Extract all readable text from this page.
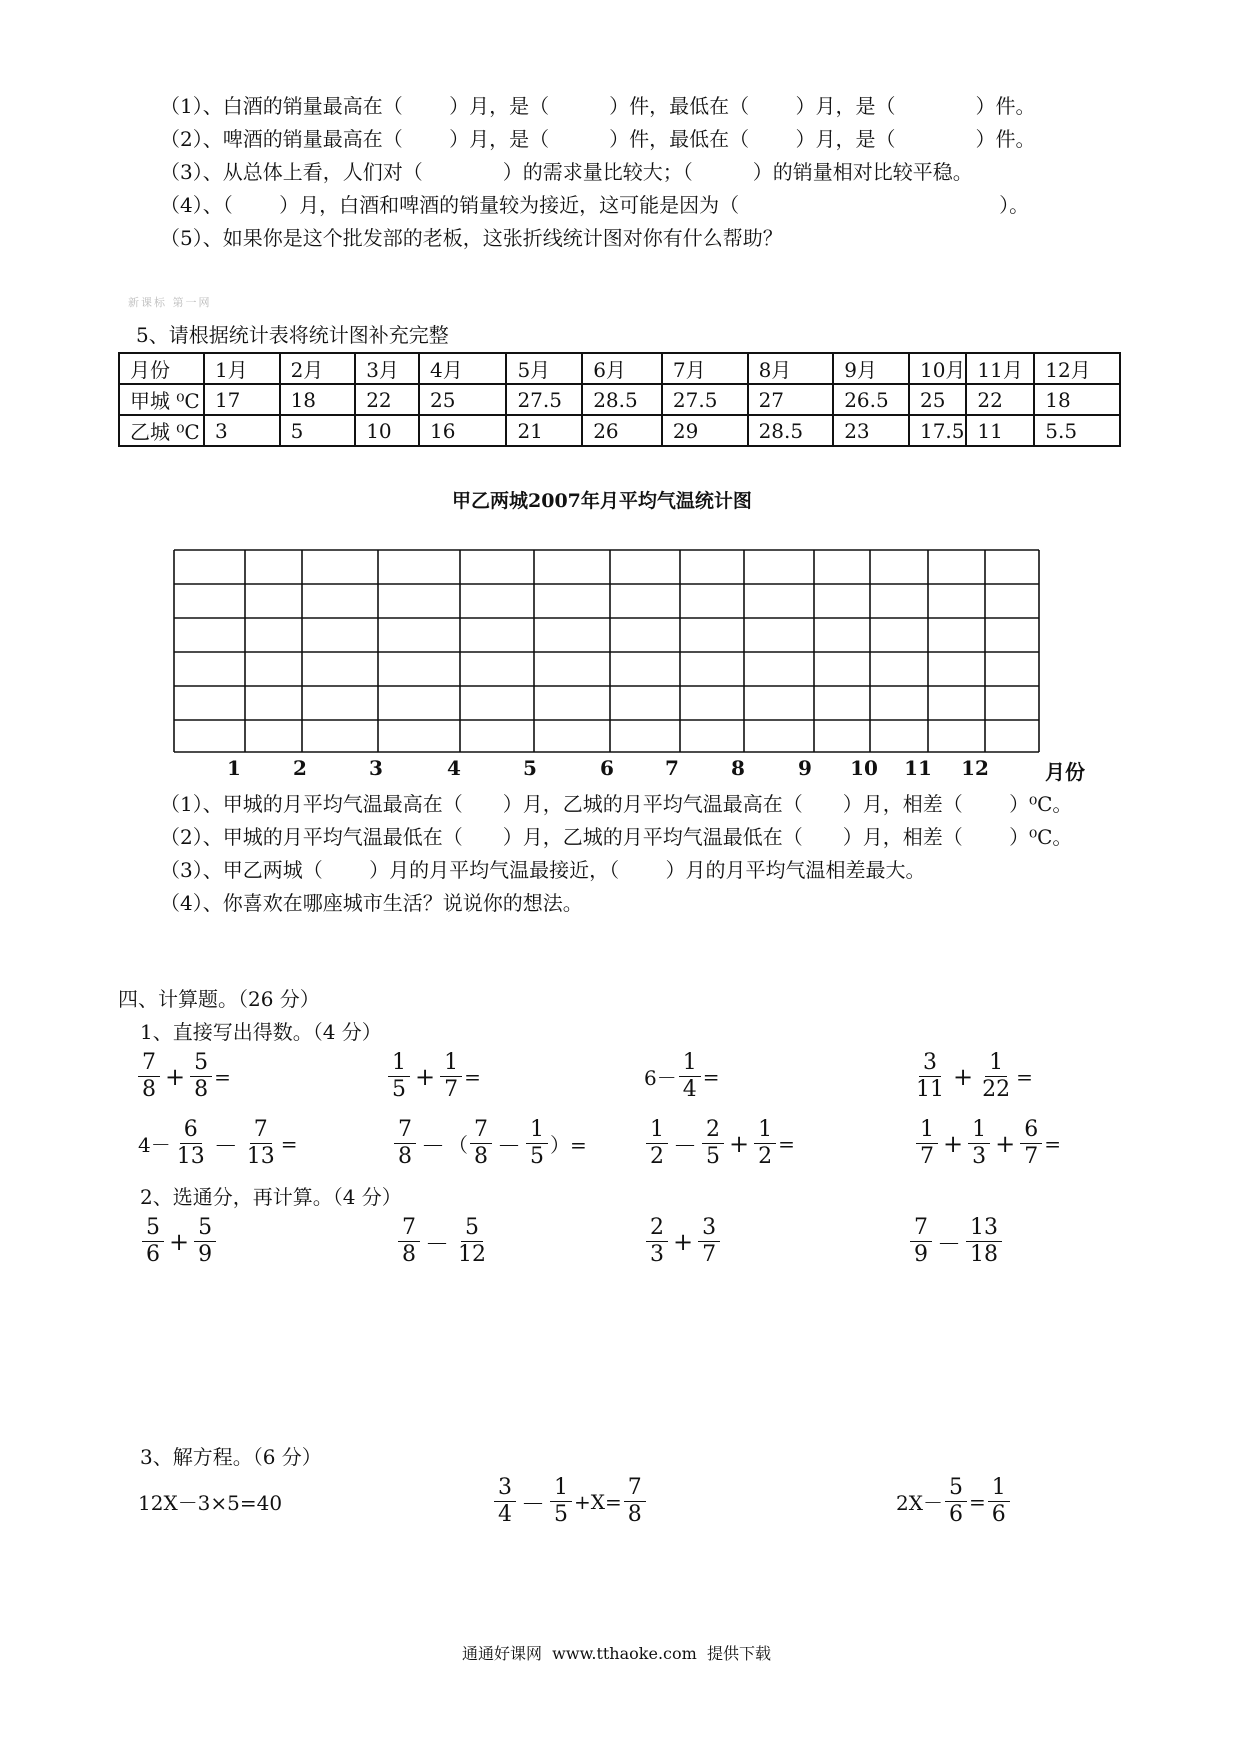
（1）、白酒的销量最高在（　　 ）月，是（　　　）件，最低在（　　 ）月，是（　　　　）件。
（2）、啤酒的销量最高在（　　 ）月，是（　　　）件，最低在（　　 ）月，是（　　　　）件。
（3）、从总体上看，人们对（　　　　）的需求量比较大；（　　　）的销量相对比较平稳。
（4）、（　　 ）月，白酒和啤酒的销量较为接近，这可能是因为（　　　　　　　　　　　　　）。
（5）、如果你是这个批发部的老板，这张折线统计图对你有什么帮助？
新课标 第一网
5、请根据统计表将统计图补充完整
月份	1月	2月	3月	4月	5月	6月	7月	8月	9月	10月	11月	12月
甲城 ⁰C	17	18	22	25	27.5	28.5	27.5	27	26.5	25	22	18
乙城 ⁰C	3	5	10	16	21	26	29	28.5	23	17.5	11	5.5
甲乙两城2007年月平均气温统计图
1	2	3	4	5	6	7	8	9	10	11	12	月份
（1）、甲城的月平均气温最高在（　　）月，乙城的月平均气温最高在（　　）月，相差（　　 ）⁰C。
（2）、甲城的月平均气温最低在（　　）月，乙城的月平均气温最低在（　　）月，相差（　　 ）⁰C。
（3）、甲乙两城（　　 ）月的月平均气温最接近，（　　 ）月的月平均气温相差最大。
（4）、你喜欢在哪座城市生活？说说你的想法。
四、计算题。（26 分）
1、直接写出得数。（4 分）
$\frac{7}{8} + \frac{5}{8}$ =	$\frac{1}{5} + \frac{1}{7}$ =	$6- \frac{1}{4}$ =	$\frac{3}{11} + \frac{1}{22}$ =
$4- \frac{6}{13} - \frac{7}{13}$ =	$\frac{7}{8}$ － （ $\frac{7}{8} - \frac{1}{5}$ ）=	$\frac{1}{2} - \frac{2}{5} + \frac{1}{2}$ =	$\frac{1}{7} + \frac{1}{3} + \frac{6}{7}$ =
2、选通分，再计算。（4 分）
$\frac{5}{6} + \frac{5}{9}$	$\frac{7}{8} - \frac{5}{12}$	$\frac{2}{3} + \frac{3}{7}$	$\frac{7}{9} - \frac{13}{18}$
3、解方程。（6 分）
12X－3×5=40	$\frac{3}{4} - \frac{1}{5} +X= \frac{7}{8}$	$2X- \frac{5}{6} = \frac{1}{6}$
通通好课网  www.tthaoke.com  提供下载
